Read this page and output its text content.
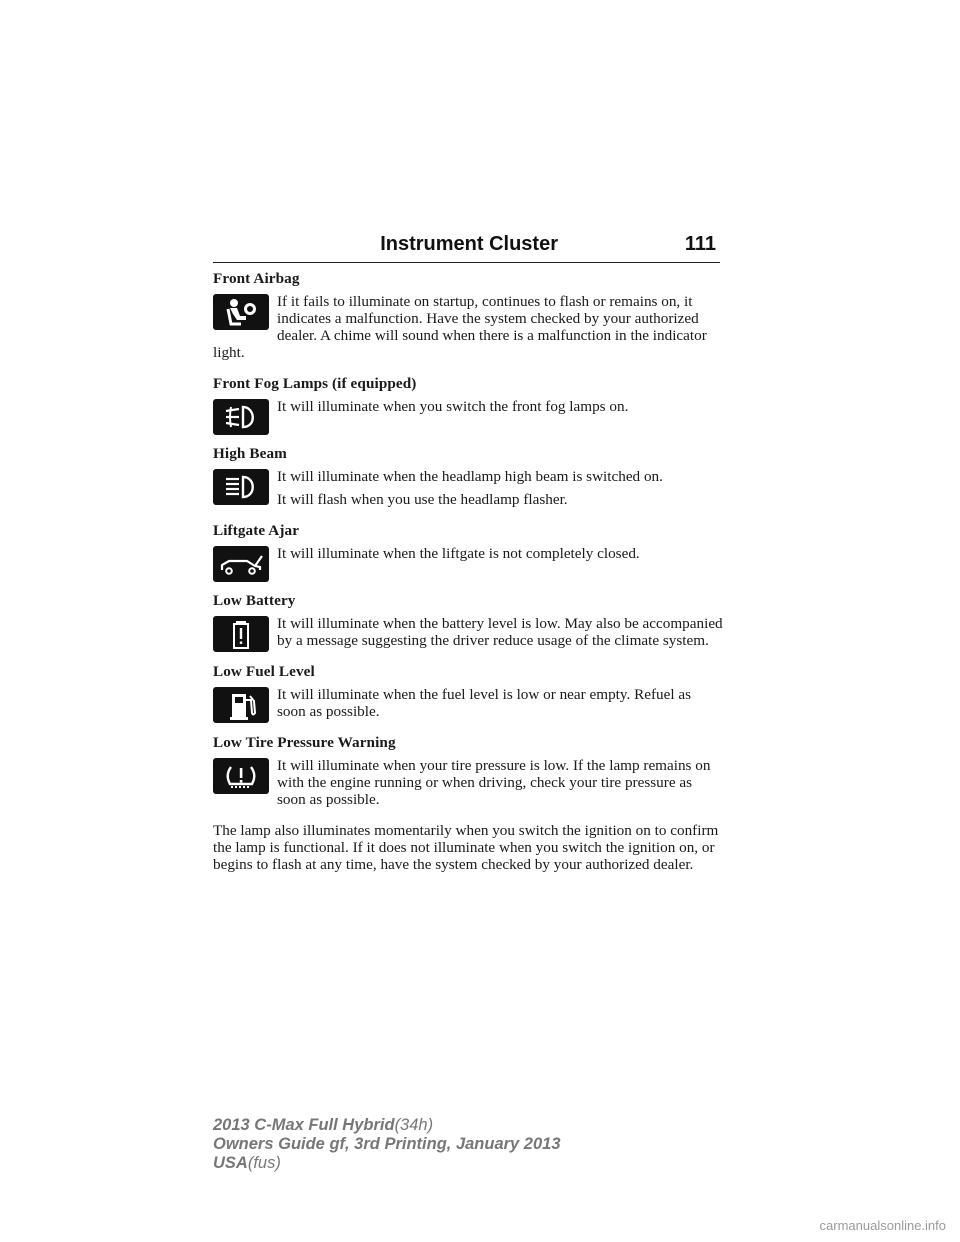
Instrument Cluster	111
Front Airbag

If it fails to illuminate on startup, continues to flash or remains on, it indicates a malfunction. Have the system checked by your authorized dealer. A chime will sound when there is a malfunction in the indicator light.

Front Fog Lamps (if equipped)

It will illuminate when you switch the front fog lamps on.

High Beam

It will illuminate when the headlamp high beam is switched on.

It will flash when you use the headlamp flasher.

Liftgate Ajar

It will illuminate when the liftgate is not completely closed.

Low Battery

It will illuminate when the battery level is low. May also be accompanied by a message suggesting the driver reduce usage of the climate system.

Low Fuel Level

It will illuminate when the fuel level is low or near empty. Refuel as soon as possible.

Low Tire Pressure Warning

It will illuminate when your tire pressure is low. If the lamp remains on with the engine running or when driving, check your tire pressure as soon as possible.

The lamp also illuminates momentarily when you switch the ignition on to confirm the lamp is functional. If it does not illuminate when you switch the ignition on, or begins to flash at any time, have the system checked by your authorized dealer.

2013 C-Max Full Hybrid(34h)
Owners Guide gf, 3rd Printing, January 2013
USA(fus)
carmanualsonline.info
